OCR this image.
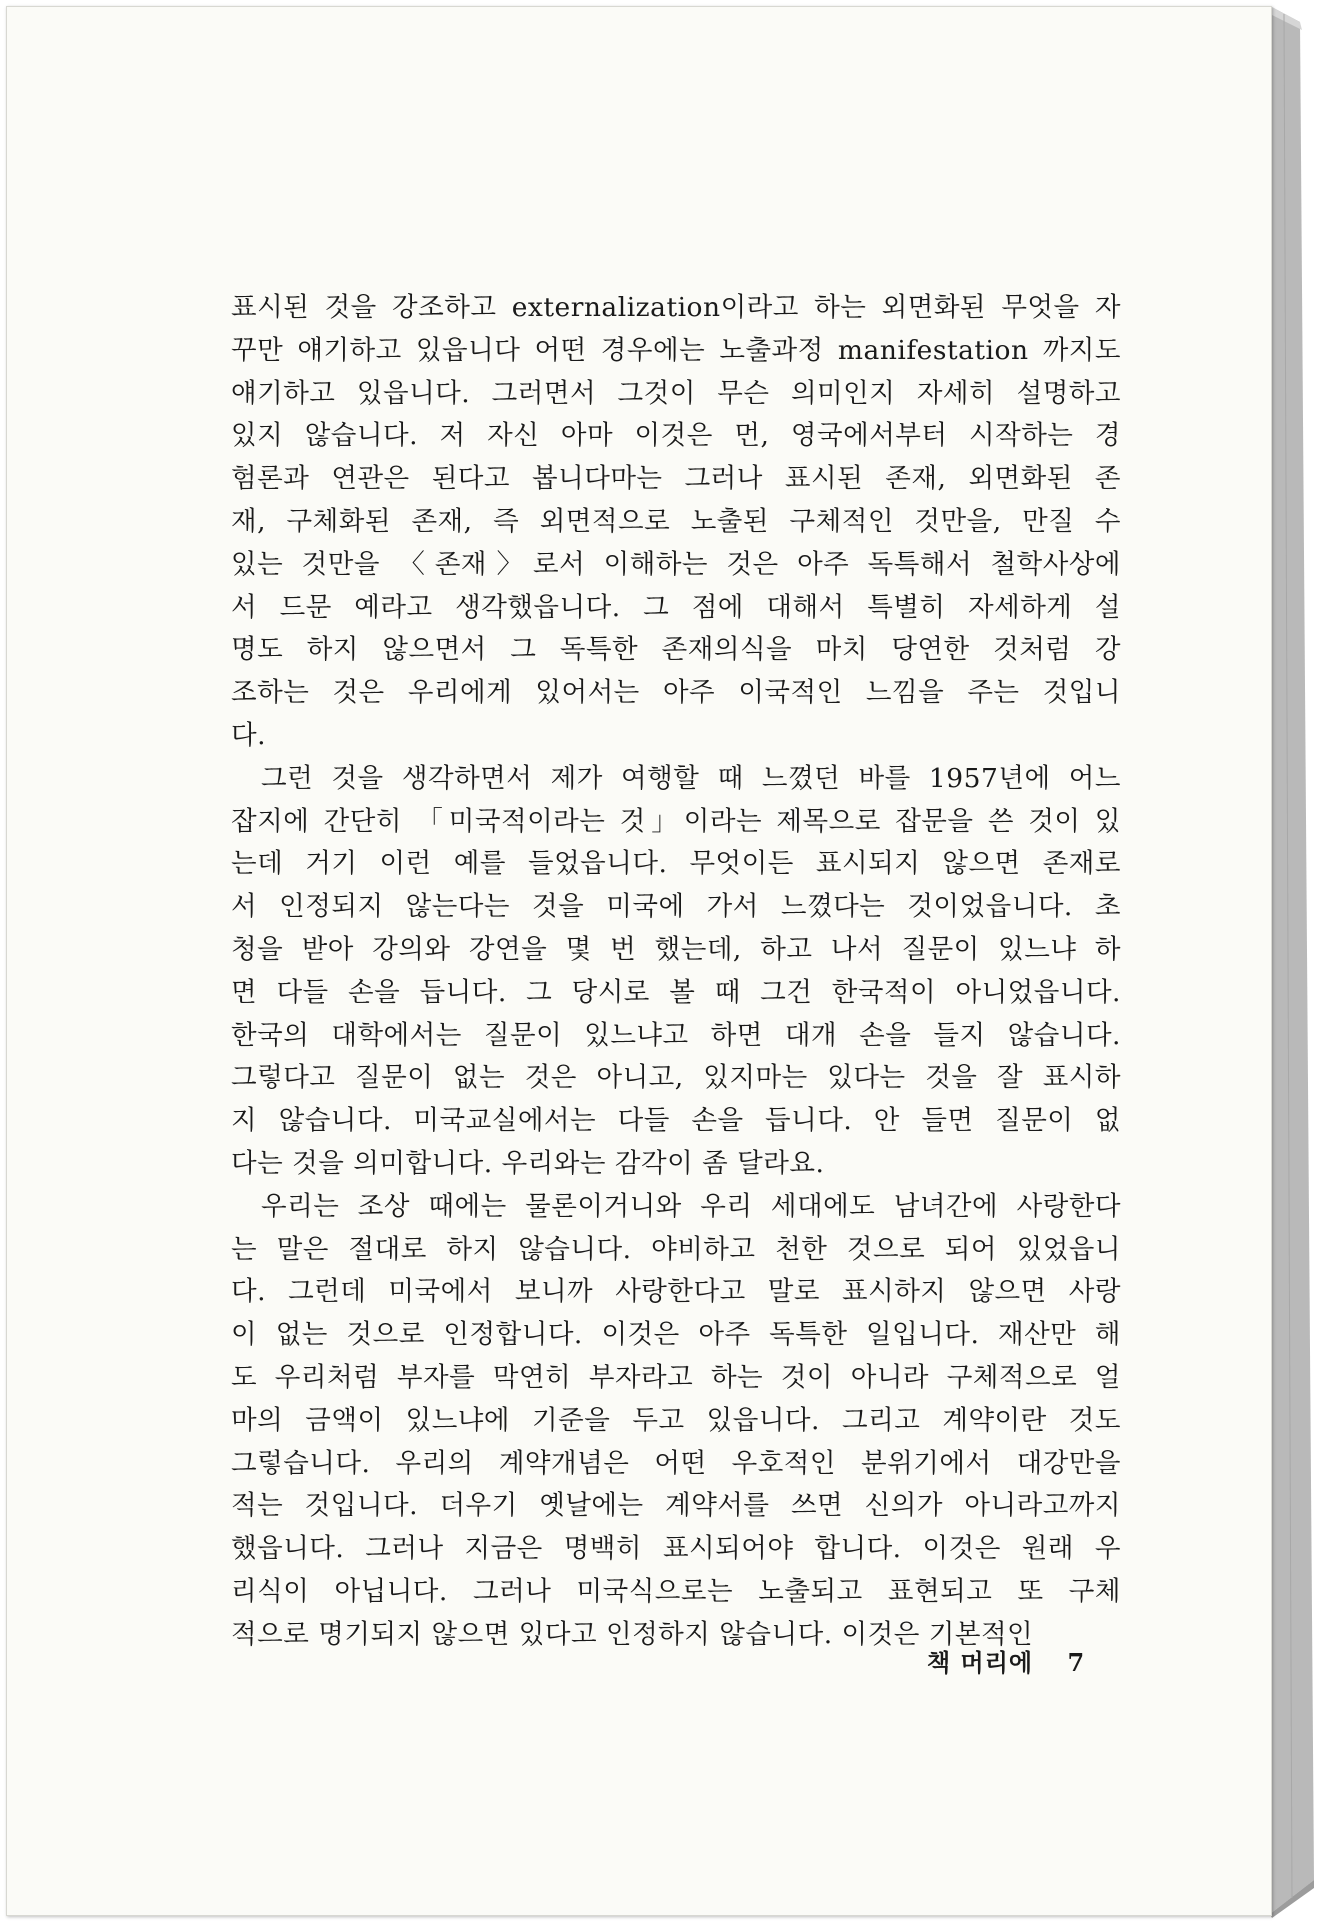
표시된 것을 강조하고 externalization이라고 하는 외면화된 무엇을 자
꾸만 얘기하고 있읍니다 어떤 경우에는 노출과정 manifestation 까지도
얘기하고 있읍니다. 그러면서 그것이 무슨 의미인지 자세히 설명하고
있지 않습니다. 저 자신 아마 이것은 먼, 영국에서부터 시작하는 경
험론과 연관은 된다고 봅니다마는 그러나 표시된 존재, 외면화된 존
재, 구체화된 존재, 즉 외면적으로 노출된 구체적인 것만을, 만질 수
있는 것만을 〈존재〉로서 이해하는 것은 아주 독특해서 철학사상에
서 드문 예라고 생각했읍니다. 그 점에 대해서 특별히 자세하게 설
명도 하지 않으면서 그 독특한 존재의식을 마치 당연한 것처럼 강
조하는 것은 우리에게 있어서는 아주 이국적인 느낌을 주는 것입니
다.
그런 것을 생각하면서 제가 여행할 때 느꼈던 바를 1957년에 어느
잡지에 간단히 「미국적이라는 것」이라는 제목으로 잡문을 쓴 것이 있
는데 거기 이런 예를 들었읍니다. 무엇이든 표시되지 않으면 존재로
서 인정되지 않는다는 것을 미국에 가서 느꼈다는 것이었읍니다. 초
청을 받아 강의와 강연을 몇 번 했는데, 하고 나서 질문이 있느냐 하
면 다들 손을 듭니다. 그 당시로 볼 때 그건 한국적이 아니었읍니다.
한국의 대학에서는 질문이 있느냐고 하면 대개 손을 들지 않습니다.
그렇다고 질문이 없는 것은 아니고, 있지마는 있다는 것을 잘 표시하
지 않습니다. 미국교실에서는 다들 손을 듭니다. 안 들면 질문이 없
다는 것을 의미합니다. 우리와는 감각이 좀 달라요.
우리는 조상 때에는 물론이거니와 우리 세대에도 남녀간에 사랑한다
는 말은 절대로 하지 않습니다. 야비하고 천한 것으로 되어 있었읍니
다. 그런데 미국에서 보니까 사랑한다고 말로 표시하지 않으면 사랑
이 없는 것으로 인정합니다. 이것은 아주 독특한 일입니다. 재산만 해
도 우리처럼 부자를 막연히 부자라고 하는 것이 아니라 구체적으로 얼
마의 금액이 있느냐에 기준을 두고 있읍니다. 그리고 계약이란 것도
그렇습니다. 우리의 계약개념은 어떤 우호적인 분위기에서 대강만을
적는 것입니다. 더우기 옛날에는 계약서를 쓰면 신의가 아니라고까지
했읍니다. 그러나 지금은 명백히 표시되어야 합니다. 이것은 원래 우
리식이 아닙니다. 그러나 미국식으로는 노출되고 표현되고 또 구체
적으로 명기되지 않으면 있다고 인정하지 않습니다. 이것은 기본적인
책 머리에 7
